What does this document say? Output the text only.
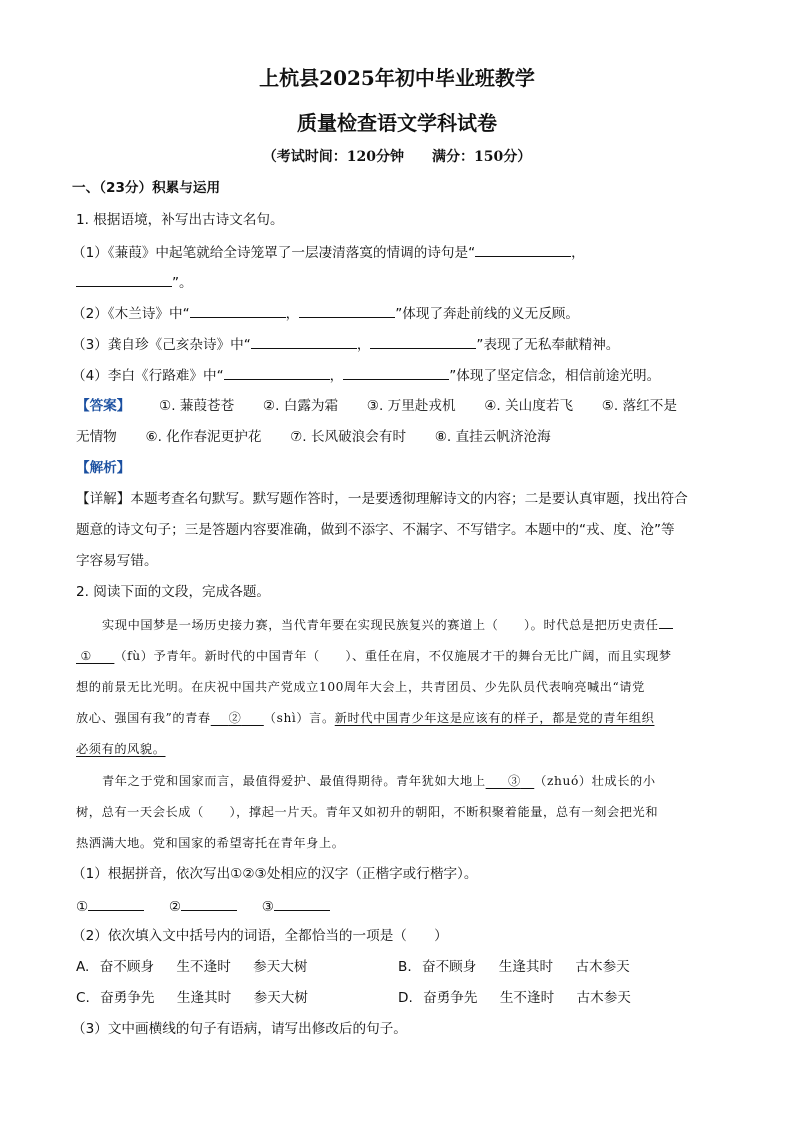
上杭县2025年初中毕业班教学
质量检查语文学科试卷
（考试时间：120分钟　　满分：150分）
一、（23分）积累与运用
1. 根据语境，补写出古诗文名句。
（1）《蒹葭》中起笔就给全诗笼罩了一层凄清落寞的情调的诗句是“	，
”。
（2）《木兰诗》中“	，	”体现了奔赴前线的义无反顾。
（3）龚自珍《己亥杂诗》中“	，	”表现了无私奉献精神。
（4）李白《行路难》中“	，	”体现了坚定信念，相信前途光明。
【答案】 ①. 蒹葭苍苍 ②. 白露为霜 ③. 万里赴戎机 ④. 关山度若飞 ⑤. 落红不是
无情物 ⑥. 化作春泥更护花 ⑦. 长风破浪会有时 ⑧. 直挂云帆济沧海
【解析】
【详解】本题考查名句默写。默写题作答时，一是要透彻理解诗文的内容；二是要认真审题，找出符合
题意的诗文句子；三是答题内容要准确，做到不添字、不漏字、不写错字。本题中的“戎、度、沧”等
字容易写错。
2. 阅读下面的文段，完成各题。
实现中国梦是一场历史接力赛，当代青年要在实现民族复兴的赛道上（　　）。时代总是把历史责任
① （fù）予青年。新时代的中国青年（　　）、重任在肩，不仅施展才干的舞台无比广阔，而且实现梦
想的前景无比光明。在庆祝中国共产党成立100周年大会上，共青团员、少先队员代表响亮喊出“请党
放心、强国有我”的青春 ② （shì）言。新时代中国青少年这是应该有的样子，都是党的青年组织
必须有的风貌。
青年之于党和国家而言，最值得爱护、最值得期待。青年犹如大地上 ③ （zhuó）壮成长的小
树，总有一天会长成（　　），撑起一片天。青年又如初升的朝阳，不断积聚着能量，总有一刻会把光和
热洒满大地。党和国家的希望寄托在青年身上。
（1）根据拼音，依次写出①②③处相应的汉字（正楷字或行楷字）。
①	②	③
（2）依次填入文中括号内的词语，全都恰当的一项是（　　）
A. 奋不顾身 生不逢时 参天大树	B. 奋不顾身 生逢其时 古木参天
C. 奋勇争先 生逢其时 参天大树	D. 奋勇争先 生不逢时 古木参天
（3）文中画横线的句子有语病，请写出修改后的句子。
